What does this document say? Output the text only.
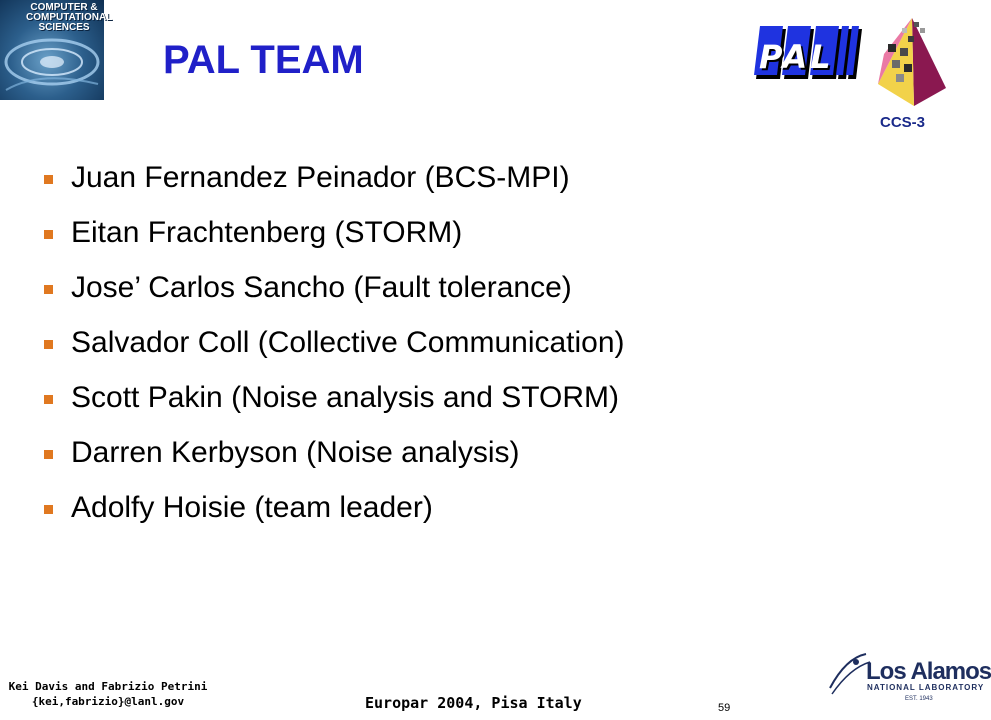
COMPUTER &
COMPUTATIONAL
SCIENCES
PAL TEAM	PAL
CCS-3
Juan Fernandez Peinador (BCS-MPI)
Eitan Frachtenberg (STORM)
Jose’ Carlos Sancho (Fault tolerance)
Salvador Coll (Collective Communication)
Scott Pakin (Noise analysis and STORM)
Darren Kerbyson (Noise analysis)
Adolfy Hoisie (team leader)
Kei Davis and Fabrizio Petrini
{kei,fabrizio}@lanl.gov	Europar 2004, Pisa Italy	59
Los Alamos
NATIONAL LABORATORY
EST. 1943
